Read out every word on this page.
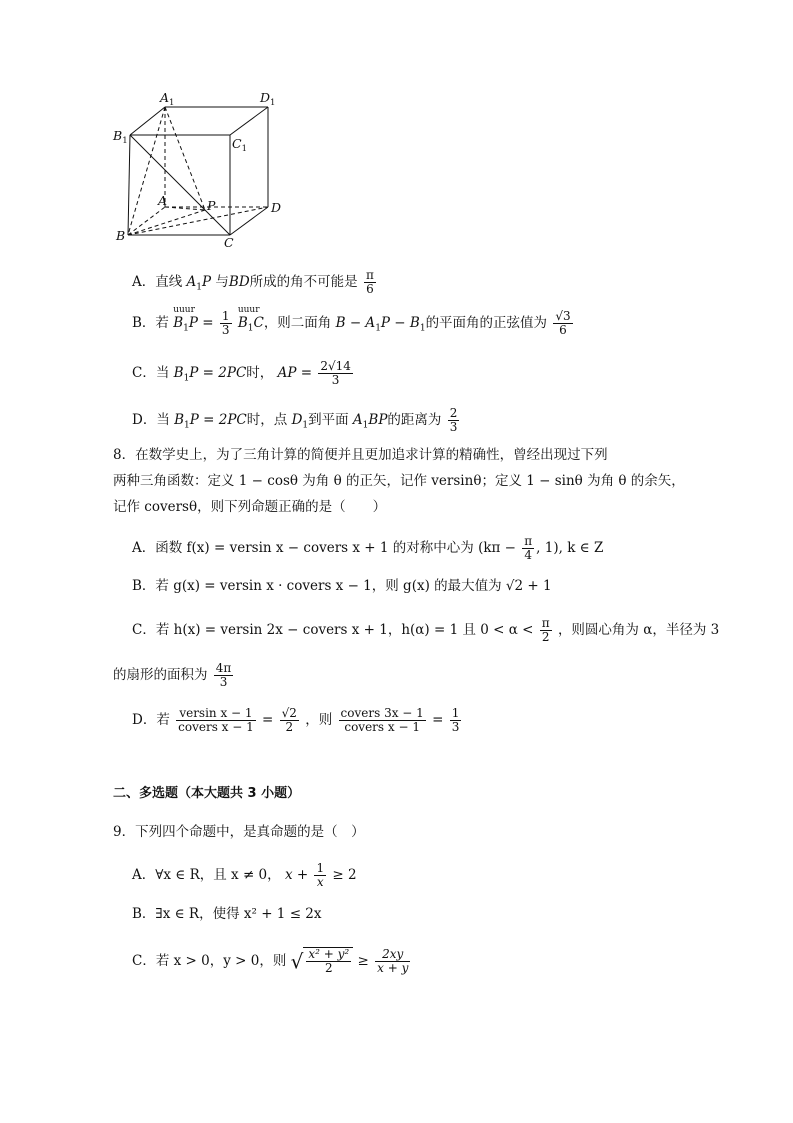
$A_1$	$D_1$
$B_1$	$C_1$
A	P	D
B	C
A．直线 $A_1P$ 与BD所成的角不可能是 $\frac{\pi}{6}$
B．若
uuur
$B_1P = \frac{1}{3}$
uuur
$B_1C$，则二面角 $B - A_1P - B_1$的平面角的正弦值为 $\frac{√3}{6}$
C．当 $B_1P = 2PC$时， AP = $\frac{2√14}{3}$
D．当 $B_1P = 2PC$时，点 $D_1$到平面 $A_1BP$的距离为 $\frac{2}{3}$
8．在数学史上，为了三角计算的简便并且更加追求计算的精确性，曾经出现过下列
两种三角函数：定义 1 − cosθ 为角 θ 的正矢，记作 versinθ；定义 1 − sinθ 为角 θ 的余矢，
记作 coversθ，则下列命题正确的是（　　）
A．函数 f(x) = versin x − covers x + 1 的对称中心为 ($k\pi - \frac{\pi}{4}$ , 1), k ∈ Z
B．若 g(x) = versin x · covers x − 1，则 g(x) 的最大值为 √2 + 1
C．若 h(x) = versin 2x − covers x + 1，h(α) = 1 且 $0 < \alpha < \frac{\pi}{2}$ ，则圆心角为 α，半径为 3
的扇形的面积为 $\frac{4\pi}{3}$
D．若 $\frac{\text{versin x − 1}}{\text{covers x − 1}} = \frac{√2}{2}$ ，则 $\frac{\text{covers 3x − 1}}{\text{covers x − 1}} = \frac{1}{3}$
二、多选题（本大题共 3 小题）
9．下列四个命题中，是真命题的是（　）
A．∀x ∈ R，且 x ≠ 0， $x + \frac{1}{x} \ge 2$
B．∃x ∈ R，使得 x² + 1 ≤ 2x
C．若 x > 0，y > 0，则 √ $\frac{\text{x² + y²}}{2} \ge \frac{2xy}{x + y}$
